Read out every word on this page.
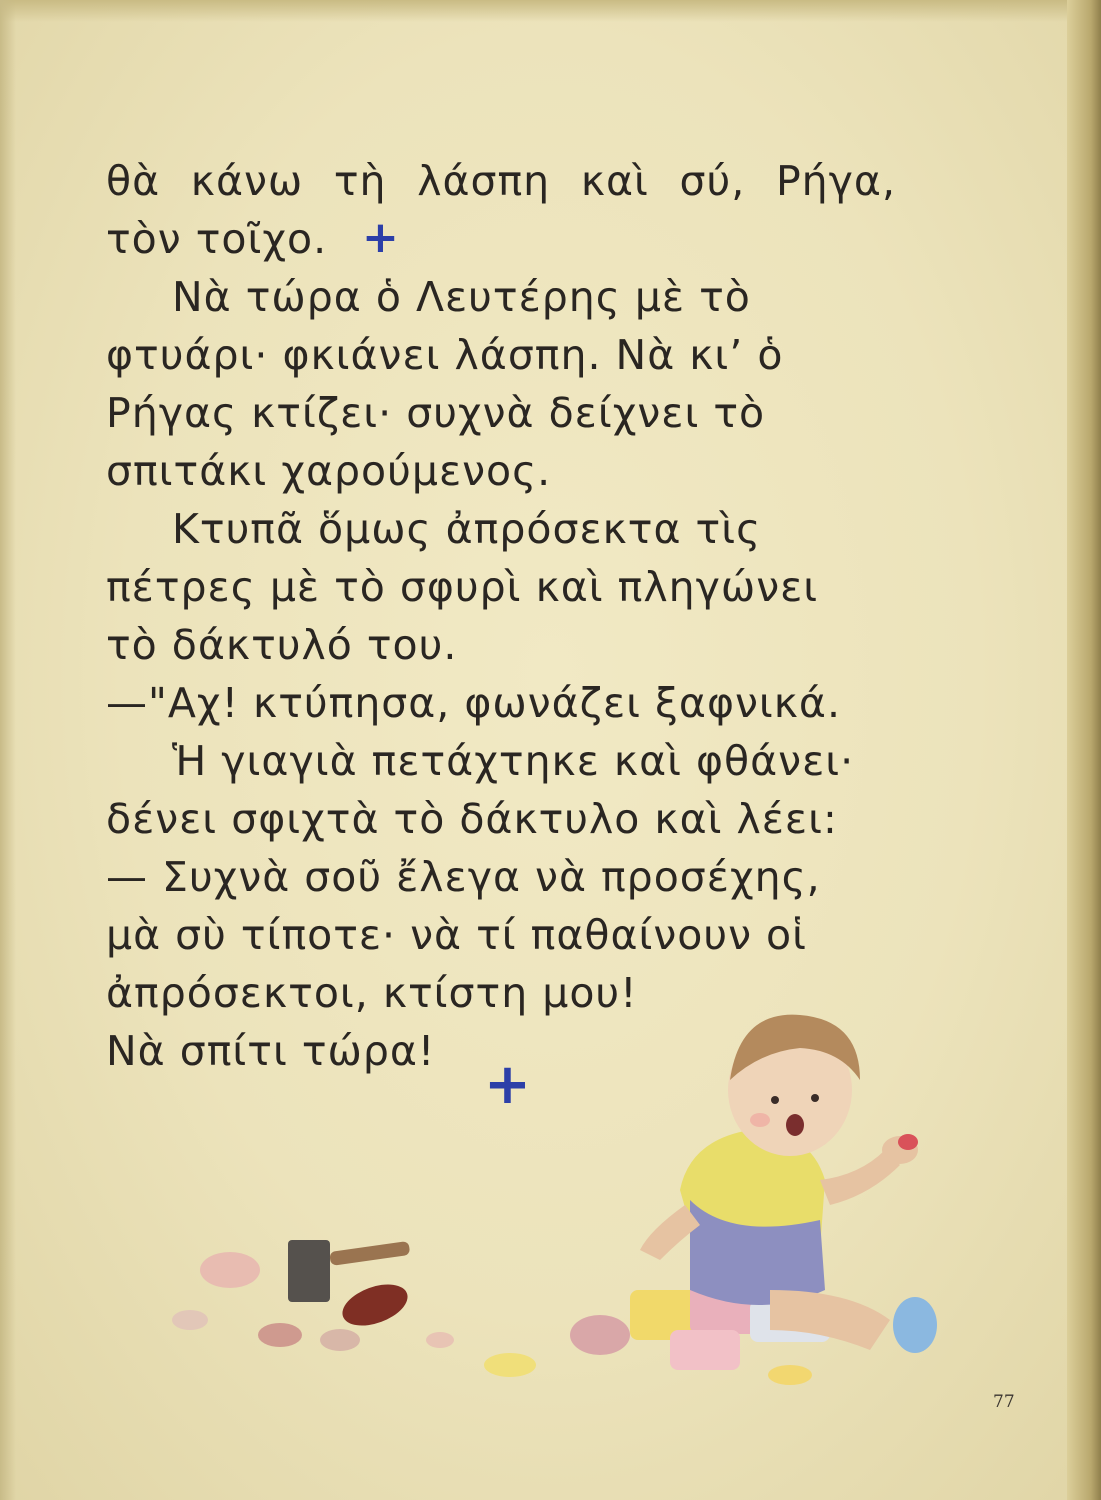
θὰ κάνω τὴ λάσπη καὶ σύ, Ρήγα,
τὸν τοῖχο.
Νὰ τώρα ὁ Λευτέρης μὲ τὸ
φτυάρι· φκιάνει λάσπη. Νὰ κι’ ὁ
Ρήγας κτίζει· συχνὰ δείχνει τὸ
σπιτάκι χαρούμενος.
Κτυπᾶ ὅμως ἀπρόσεκτα τὶς
πέτρες μὲ τὸ σφυρὶ καὶ πληγώνει
τὸ δάκτυλό του.
—"Αχ! κτύπησα, φωνάζει ξαφνικά.
Ἡ γιαγιὰ πετάχτηκε καὶ φθάνει·
δένει σφιχτὰ τὸ δάκτυλο καὶ λέει:
— Συχνὰ σοῦ ἔλεγα νὰ προσέχης,
μὰ σὺ τίποτε· νὰ τί παθαίνουν οἱ
ἀπρόσεκτοι, κτίστη μου!
Νὰ σπίτι τώρα!
+
+
77
